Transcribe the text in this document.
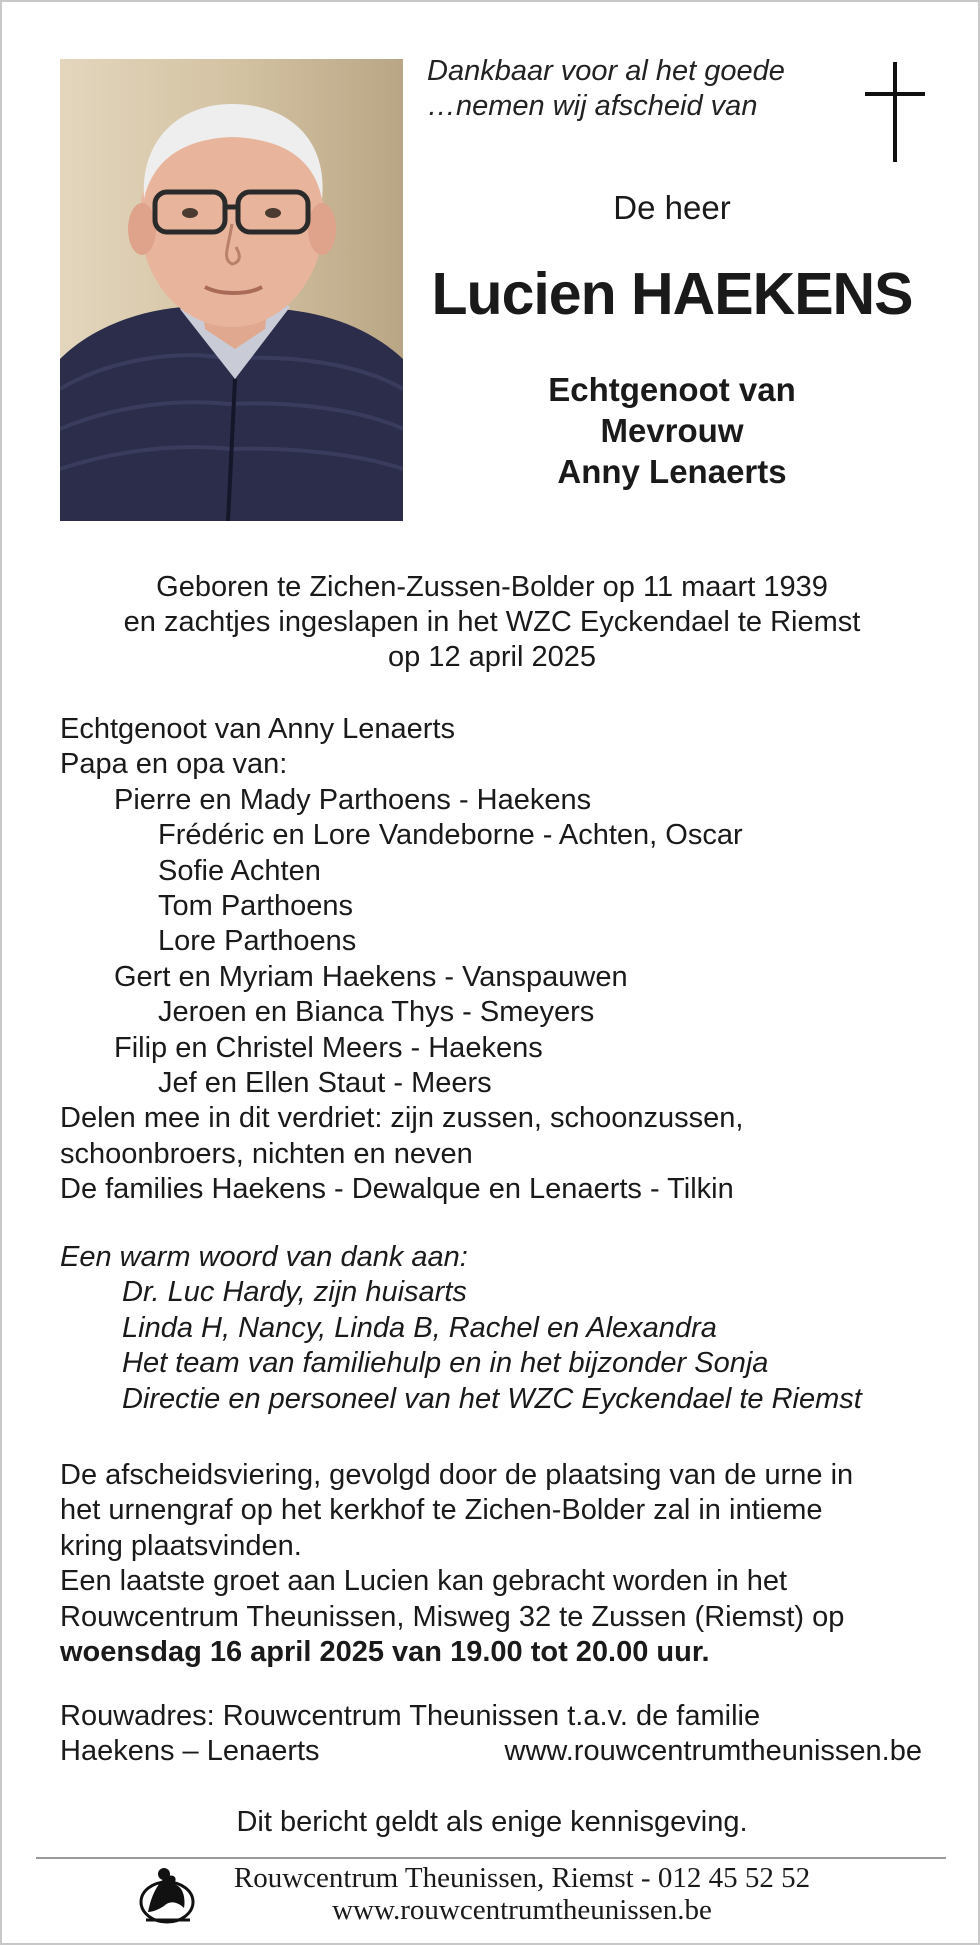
Dankbaar voor al het goede
…nemen wij afscheid van
De heer
Lucien HAEKENS
Echtgenoot van
Mevrouw
Anny Lenaerts
Geboren te Zichen-Zussen-Bolder op 11 maart 1939
en zachtjes ingeslapen in het WZC Eyckendael te Riemst
op 12 april 2025
Echtgenoot van Anny Lenaerts
Papa en opa van:
Pierre en Mady Parthoens - Haekens
Frédéric en Lore Vandeborne - Achten, Oscar
Sofie Achten
Tom Parthoens
Lore Parthoens
Gert en Myriam Haekens - Vanspauwen
Jeroen en Bianca Thys - Smeyers
Filip en Christel Meers - Haekens
Jef en Ellen Staut - Meers
Delen mee in dit verdriet: zijn zussen, schoonzussen,
schoonbroers, nichten en neven
De families Haekens - Dewalque en Lenaerts - Tilkin
Een warm woord van dank aan:
Dr. Luc Hardy, zijn huisarts
Linda H, Nancy, Linda B, Rachel en Alexandra
Het team van familiehulp en in het bijzonder Sonja
Directie en personeel van het WZC Eyckendael te Riemst
De afscheidsviering, gevolgd door de plaatsing van de urne in
het urnengraf op het kerkhof te Zichen-Bolder zal in intieme
kring plaatsvinden.
Een laatste groet aan Lucien kan gebracht worden in het
Rouwcentrum Theunissen, Misweg 32 te Zussen (Riemst) op
woensdag 16 april 2025 van 19.00 tot 20.00 uur.
Rouwadres: Rouwcentrum Theunissen t.a.v. de familie
Haekens – Lenaerts	www.rouwcentrumtheunissen.be
Dit bericht geldt als enige kennisgeving.
Rouwcentrum Theunissen, Riemst - 012 45 52 52
www.rouwcentrumtheunissen.be
